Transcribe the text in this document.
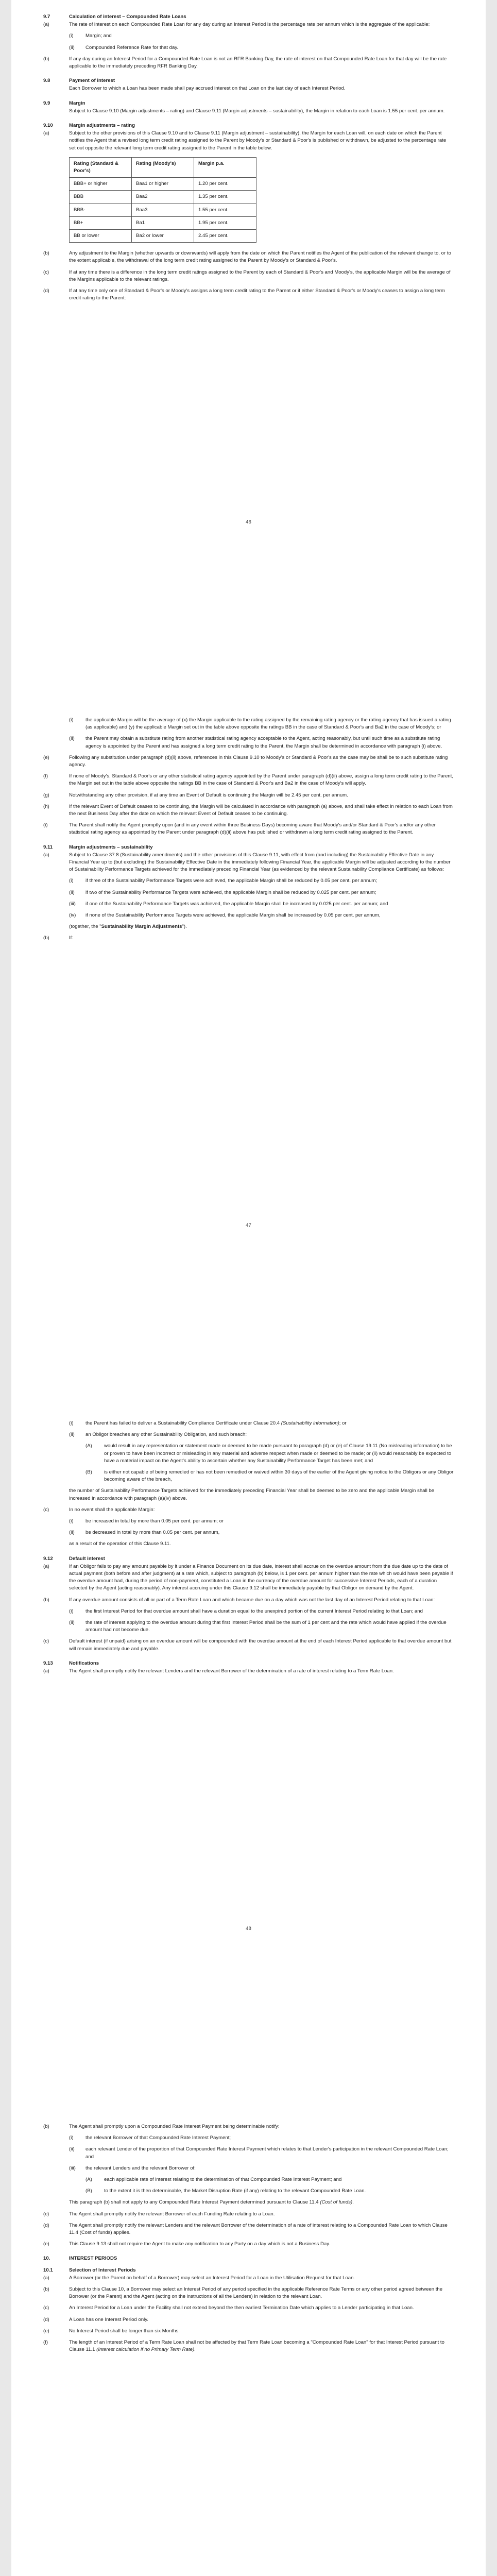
9.7	Calculation of interest – Compounded Rate Loans
(a)	The rate of interest on each Compounded Rate Loan for any day during an Interest Period is the percentage rate per annum which is the aggregate of the applicable:
(i)	Margin; and
(ii)	Compounded Reference Rate for that day.
(b)	If any day during an Interest Period for a Compounded Rate Loan is not an RFR Banking Day, the rate of interest on that Compounded Rate Loan for that day will be the rate applicable to the immediately preceding RFR Banking Day.
9.8	Payment of interest
Each Borrower to which a Loan has been made shall pay accrued interest on that Loan on the last day of each Interest Period.
9.9	Margin
Subject to Clause 9.10 (Margin adjustments – rating) and Clause 9.11 (Margin adjustments – sustainability), the Margin in relation to each Loan is 1.55 per cent. per annum.
9.10	Margin adjustments – rating
(a)	Subject to the other provisions of this Clause 9.10 and to Clause 9.11 (Margin adjustment – sustainability), the Margin for each Loan will, on each date on which the Parent notifies the Agent that a revised long term credit rating assigned to the Parent by Moody's or Standard & Poor's is published or withdrawn, be adjusted to the percentage rate set out opposite the relevant long term credit rating assigned to the Parent in the table below.
Rating (Standard & Poor's)	Rating (Moody's)	Margin p.a.
BBB+ or higher	Baa1 or higher	1.20 per cent.
BBB	Baa2	1.35 per cent.
BBB-	Baa3	1.55 per cent.
BB+	Ba1	1.95 per cent.
BB or lower	Ba2 or lower	2.45 per cent.
(b)	Any adjustment to the Margin (whether upwards or downwards) will apply from the date on which the Parent notifies the Agent of the publication of the relevant change to, or to the extent applicable, the withdrawal of the long term credit rating assigned to the Parent by Moody's or Standard & Poor's.
(c)	If at any time there is a difference in the long term credit ratings assigned to the Parent by each of Standard & Poor's and Moody's, the applicable Margin will be the average of the Margins applicable to the relevant ratings.
(d)	If at any time only one of Standard & Poor's or Moody's assigns a long term credit rating to the Parent or if either Standard & Poor's or Moody's ceases to assign a long term credit rating to the Parent:
46
(i)	the applicable Margin will be the average of (x) the Margin applicable to the rating assigned by the remaining rating agency or the rating agency that has issued a rating (as applicable) and (y) the applicable Margin set out in the table above opposite the ratings BB in the case of Standard & Poor's and Ba2 in the case of Moody's; or
(ii)	the Parent may obtain a substitute rating from another statistical rating agency acceptable to the Agent, acting reasonably, but until such time as a substitute rating agency is appointed by the Parent and has assigned a long term credit rating to the Parent, the Margin shall be determined in accordance with paragraph (i) above.
(e)	Following any substitution under paragraph (d)(ii) above, references in this Clause 9.10 to Moody's or Standard & Poor's as the case may be shall be to such substitute rating agency.
(f)	If none of Moody's, Standard & Poor's or any other statistical rating agency appointed by the Parent under paragraph (d)(ii) above, assign a long term credit rating to the Parent, the Margin set out in the table above opposite the ratings BB in the case of Standard & Poor's and Ba2 in the case of Moody's will apply.
(g)	Notwithstanding any other provision, if at any time an Event of Default is continuing the Margin will be 2.45 per cent. per annum.
(h)	If the relevant Event of Default ceases to be continuing, the Margin will be calculated in accordance with paragraph (a) above, and shall take effect in relation to each Loan from the next Business Day after the date on which the relevant Event of Default ceases to be continuing.
(i)	The Parent shall notify the Agent promptly upon (and in any event within three Business Days) becoming aware that Moody's and/or Standard & Poor's and/or any other statistical rating agency as appointed by the Parent under paragraph (d)(ii) above has published or withdrawn a long term credit rating assigned to the Parent.
9.11	Margin adjustments – sustainability
(a)	Subject to Clause 37.8 (Sustainability amendments) and the other provisions of this Clause 9.11, with effect from (and including) the Sustainability Effective Date in any Financial Year up to (but excluding) the Sustainability Effective Date in the immediately following Financial Year, the applicable Margin will be adjusted according to the number of Sustainability Performance Targets achieved for the immediately preceding Financial Year (as evidenced by the relevant Sustainability Compliance Certificate) as follows:
(i)	if three of the Sustainability Performance Targets were achieved, the applicable Margin shall be reduced by 0.05 per cent. per annum;
(ii)	if two of the Sustainability Performance Targets were achieved, the applicable Margin shall be reduced by 0.025 per cent. per annum;
(iii)	if one of the Sustainability Performance Targets was achieved, the applicable Margin shall be increased by 0.025 per cent. per annum; and
(iv)	if none of the Sustainability Performance Targets were achieved, the applicable Margin shall be increased by 0.05 per cent. per annum,
(together, the "Sustainability Margin Adjustments").
(b)	If:
47
(i)	the Parent has failed to deliver a Sustainability Compliance Certificate under Clause 20.4 (Sustainability information); or
(ii)	an Obligor breaches any other Sustainability Obligation, and such breach:
(A)	would result in any representation or statement made or deemed to be made pursuant to paragraph (d) or (e) of Clause 19.11 (No misleading information) to be or proven to have been incorrect or misleading in any material and adverse respect when made or deemed to be made; or (ii) would reasonably be expected to have a material impact on the Agent's ability to ascertain whether any Sustainability Performance Target has been met; and
(B)	is either not capable of being remedied or has not been remedied or waived within 30 days of the earlier of the Agent giving notice to the Obligors or any Obligor becoming aware of the breach,
the number of Sustainability Performance Targets achieved for the immediately preceding Financial Year shall be deemed to be zero and the applicable Margin shall be increased in accordance with paragraph (a)(iv) above.
(c)	In no event shall the applicable Margin:
(i)	be increased in total by more than 0.05 per cent. per annum; or
(ii)	be decreased in total by more than 0.05 per cent. per annum,
as a result of the operation of this Clause 9.11.
9.12	Default interest
(a)	If an Obligor fails to pay any amount payable by it under a Finance Document on its due date, interest shall accrue on the overdue amount from the due date up to the date of actual payment (both before and after judgment) at a rate which, subject to paragraph (b) below, is 1 per cent. per annum higher than the rate which would have been payable if the overdue amount had, during the period of non-payment, constituted a Loan in the currency of the overdue amount for successive Interest Periods, each of a duration selected by the Agent (acting reasonably). Any interest accruing under this Clause 9.12 shall be immediately payable by that Obligor on demand by the Agent.
(b)	If any overdue amount consists of all or part of a Term Rate Loan and which became due on a day which was not the last day of an Interest Period relating to that Loan:
(i)	the first Interest Period for that overdue amount shall have a duration equal to the unexpired portion of the current Interest Period relating to that Loan; and
(ii)	the rate of interest applying to the overdue amount during that first Interest Period shall be the sum of 1 per cent and the rate which would have applied if the overdue amount had not become due.
(c)	Default interest (if unpaid) arising on an overdue amount will be compounded with the overdue amount at the end of each Interest Period applicable to that overdue amount but will remain immediately due and payable.
9.13	Notifications
(a)	The Agent shall promptly notify the relevant Lenders and the relevant Borrower of the determination of a rate of interest relating to a Term Rate Loan.
48
(b)	The Agent shall promptly upon a Compounded Rate Interest Payment being determinable notify:
(i)	the relevant Borrower of that Compounded Rate Interest Payment;
(ii)	each relevant Lender of the proportion of that Compounded Rate Interest Payment which relates to that Lender's participation in the relevant Compounded Rate Loan; and
(iii)	the relevant Lenders and the relevant Borrower of:
(A)	each applicable rate of interest relating to the determination of that Compounded Rate Interest Payment; and
(B)	to the extent it is then determinable, the Market Disruption Rate (if any) relating to the relevant Compounded Rate Loan.
This paragraph (b) shall not apply to any Compounded Rate Interest Payment determined pursuant to Clause 11.4 (Cost of funds).
(c)	The Agent shall promptly notify the relevant Borrower of each Funding Rate relating to a Loan.
(d)	The Agent shall promptly notify the relevant Lenders and the relevant Borrower of the determination of a rate of interest relating to a Compounded Rate Loan to which Clause 11.4 (Cost of funds) applies.
(e)	This Clause 9.13 shall not require the Agent to make any notification to any Party on a day which is not a Business Day.
10.	INTEREST PERIODS
10.1	Selection of Interest Periods
(a)	A Borrower (or the Parent on behalf of a Borrower) may select an Interest Period for a Loan in the Utilisation Request for that Loan.
(b)	Subject to this Clause 10, a Borrower may select an Interest Period of any period specified in the applicable Reference Rate Terms or any other period agreed between the Borrower (or the Parent) and the Agent (acting on the instructions of all the Lenders) in relation to the relevant Loan.
(c)	An Interest Period for a Loan under the Facility shall not extend beyond the then earliest Termination Date which applies to a Lender participating in that Loan.
(d)	A Loan has one Interest Period only.
(e)	No Interest Period shall be longer than six Months.
(f)	The length of an Interest Period of a Term Rate Loan shall not be affected by that Term Rate Loan becoming a "Compounded Rate Loan" for that Interest Period pursuant to Clause 11.1 (Interest calculation if no Primary Term Rate).
